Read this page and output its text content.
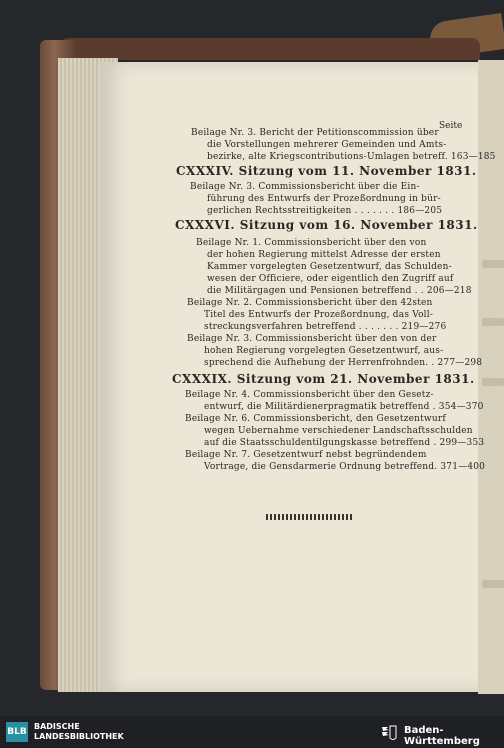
Seite
Beilage Nr. 3. Bericht der Petitionscommission über
die Vorstellungen mehrerer Gemeinden und Amts-
bezirke, alte Kriegscontributions-Umlagen betreff. 163—185
CXXXIV. Sitzung vom 11. November 1831.
Beilage Nr. 3. Commissionsbericht über die Ein-
führung des Entwurfs der Prozeßordnung in bür-
gerlichen Rechtsstreitigkeiten . . . . . . . 186—205
CXXXVI. Sitzung vom 16. November 1831.
Beilage Nr. 1. Commissionsbericht über den von
der hohen Regierung mittelst Adresse der ersten
Kammer vorgelegten Gesetzentwurf, das Schulden-
wesen der Officiere, oder eigentlich den Zugriff auf
die Militärgagen und Pensionen betreffend . . 206—218
Beilage Nr. 2. Commissionsbericht über den 42sten
Titel des Entwurfs der Prozeßordnung, das Voll-
streckungsverfahren betreffend . . . . . . . 219—276
Beilage Nr. 3. Commissionsbericht über den von der
hohen Regierung vorgelegten Gesetzentwurf, aus-
sprechend die Aufhebung der Herrenfrohnden. . 277—298
CXXXIX. Sitzung vom 21. November 1831.
Beilage Nr. 4. Commissionsbericht über den Gesetz-
entwurf, die Militärdienerpragmatik betreffend . 354—370
Beilage Nr. 6. Commissionsbericht, den Gesetzentwurf
wegen Uebernahme verschiedener Landschaftsschulden
auf die Staatsschuldentilgungskasse betreffend . 299—353
Beilage Nr. 7. Gesetzentwurf nebst begründendem
Vortrage, die Gensdarmerie Ordnung betreffend. 371—400
BLB
BADISCHE
LANDESBIBLIOTHEK
Baden-Württemberg
